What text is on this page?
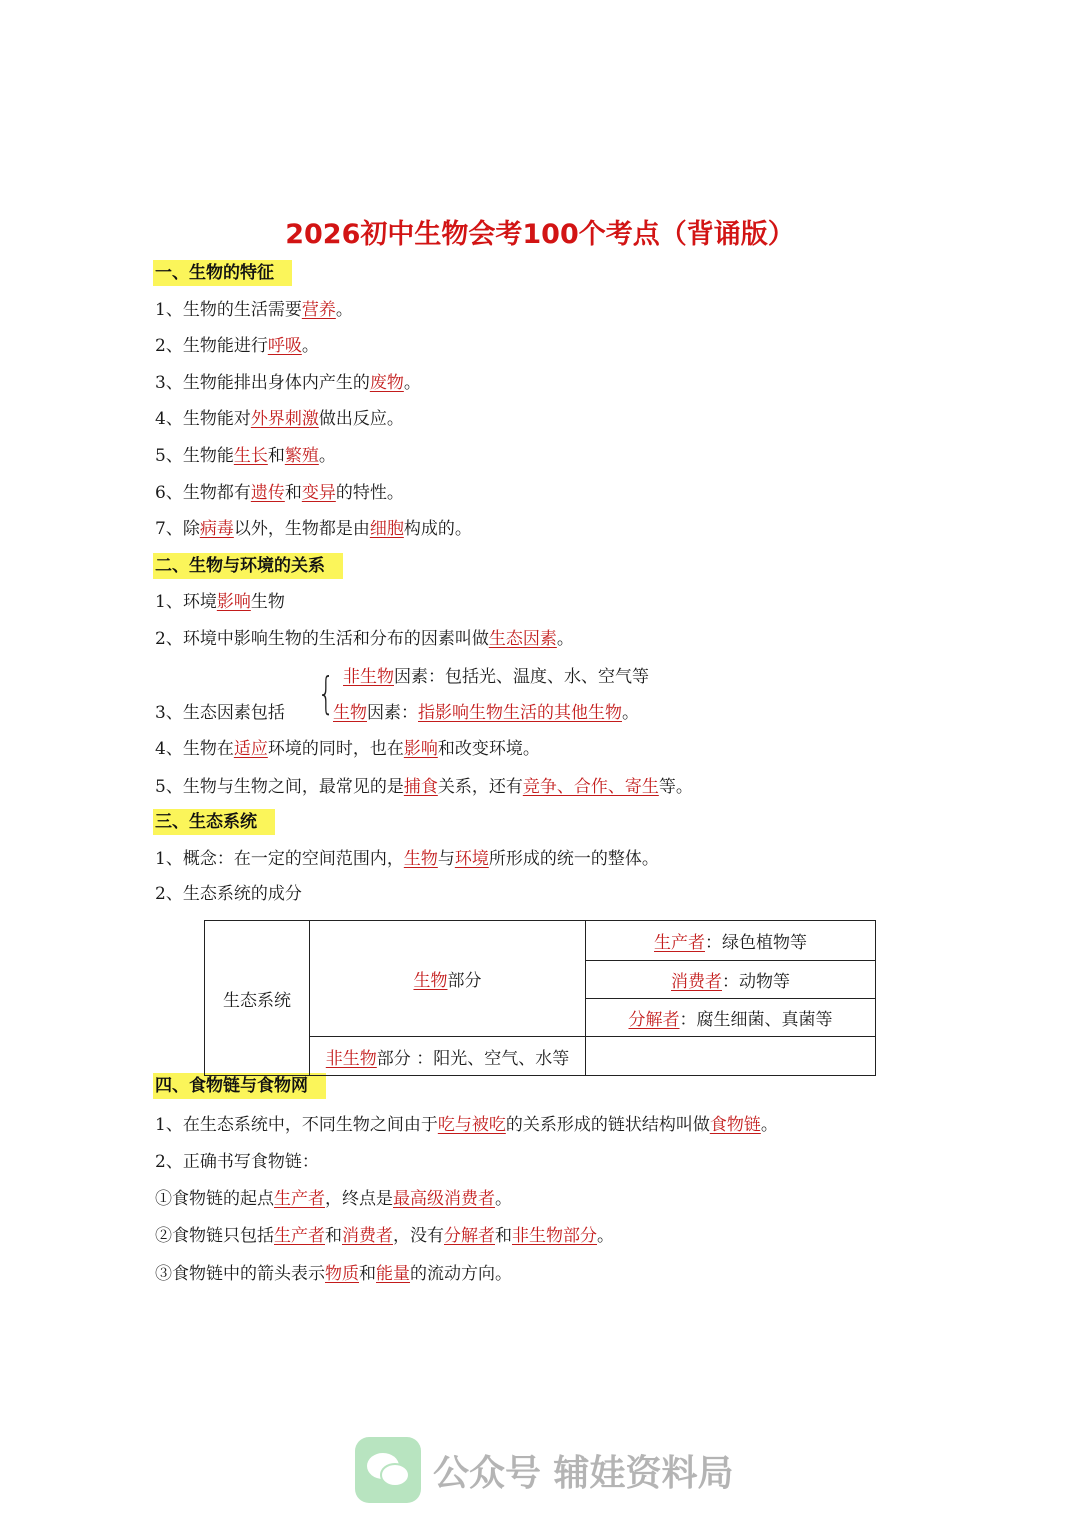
2026初中生物会考100个考点（背诵版）
一、生物的特征
1、生物的生活需要营养。
2、生物能进行呼吸。
3、生物能排出身体内产生的废物。
4、生物能对外界刺激做出反应。
5、生物能生长和繁殖。
6、生物都有遗传和变异的特性。
7、除病毒以外，生物都是由细胞构成的。
二、生物与环境的关系
1、环境影响生物
2、环境中影响生物的生活和分布的因素叫做生态因素。
非生物因素：包括光、温度、水、空气等
3、生态因素包括	生物因素：指影响生物生活的其他生物。
4、生物在适应环境的同时，也在影响和改变环境。
5、生物与生物之间，最常见的是捕食关系，还有竞争、合作、寄生等。
三、生态系统
1、概念：在一定的空间范围内，生物与环境所形成的统一的整体。
2、生态系统的成分
四、食物链与食物网
1、在生态系统中，不同生物之间由于吃与被吃的关系形成的链状结构叫做食物链。
2、正确书写食物链：
①食物链的起点生产者，终点是最高级消费者。
②食物链只包括生产者和消费者，没有分解者和非生物部分。
③食物链中的箭头表示物质和能量的流动方向。
{
生态系统	生物部分	生产者：绿色植物等
		消费者：动物等
		分解者：腐生细菌、真菌等
	非生物部分 ：阳光、空气、水等	
公众号 辅娃资料局
